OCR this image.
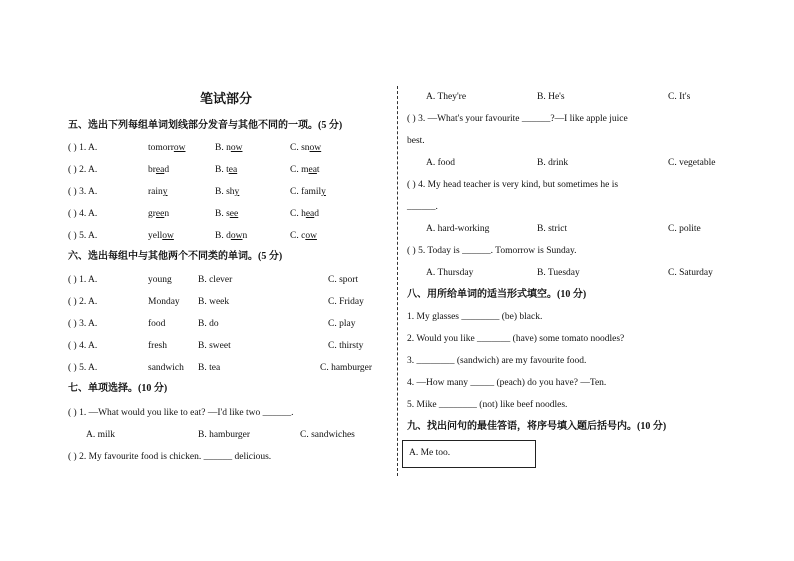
笔试部分
五、选出下列每组单词划线部分发音与其他不同的一项。(5 分)
( ) 1. A.	tomorrow	B. now	C. snow
( ) 2. A.	bread	B. tea	C. meat
( ) 3. A.	rainy	B. shy	C. family
( ) 4. A.	green	B. see	C. head
( ) 5. A.	yellow	B. down	C. cow
六、选出每组中与其他两个不同类的单词。(5 分)
( ) 1. A.	young	B. clever	C. sport
( ) 2. A.	Monday B. week	C. Friday
( ) 3. A.	food	B. do	C. play
( ) 4. A.	fresh	B. sweet	C. thirsty
( ) 5. A.	sandwich B. tea	C. hamburger
七、单项选择。(10 分)
( ) 1. —What would you like to eat? —I'd like two ______.
A. milk	B. hamburger	C. sandwiches
( ) 2. My favourite food is chicken. ______ delicious.
A. They're	B. He's	C. It's
( ) 3. —What's your favourite ______?—I like apple juice
best.
A. food	B. drink	C. vegetable
( ) 4. My head teacher is very kind, but sometimes he is
______.
A. hard-working	B. strict	C. polite
( ) 5. Today is ______. Tomorrow is Sunday.
A. Thursday	B. Tuesday	C. Saturday
八、用所给单词的适当形式填空。(10 分)
1. My glasses ________ (be) black.
2. Would you like _______ (have) some tomato noodles?
3. ________ (sandwich) are my favourite food.
4. —How many _____ (peach) do you have? —Ten.
5. Mike ________ (not) like beef noodles.
九、找出问句的最佳答语，将序号填入题后括号内。(10 分)
A. Me too.
